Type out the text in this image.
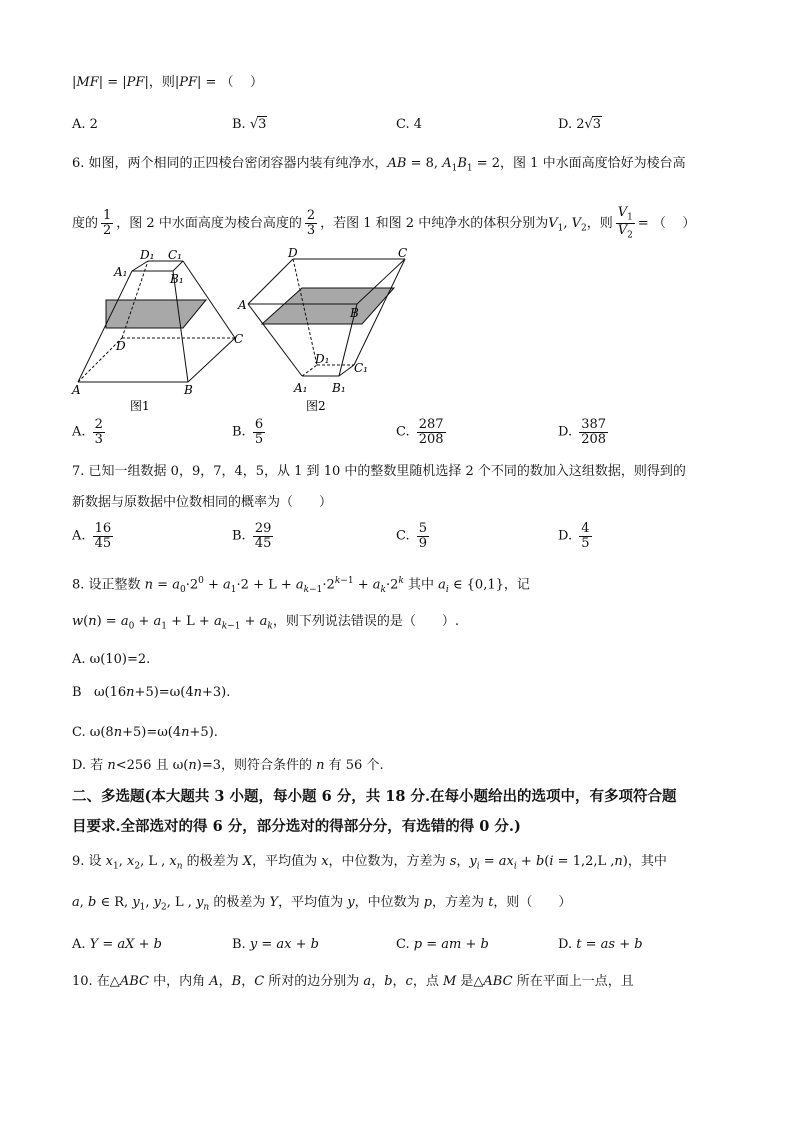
|MF| = |PF|，则|PF| = （    ）
A. 2	B. √3	C. 4	D. 2√3
6. 如图，两个相同的正四棱台密闭容器内装有纯净水，AB = 8, $A_1B_1 = 2$，图 1 中水面高度恰好为棱台高
度的 $\frac{1}{2}$ ，图 2 中水面高度为棱台高度的 $\frac{2}{3}$ ，若图 1 和图 2 中纯净水的体积分别为$V_1$, $V_2$，则 $\frac{V_1}{V_2}$ = （    ）
D₁ C₁
A₁	B₁
D	C
A	B
图1
D	C
A
B
D₁
C₁
A₁ B₁
图2
A. $\frac{2}{3}$	B. $\frac{6}{5}$	C. $\frac{287}{208}$	D. $\frac{387}{208}$
7. 已知一组数据 0，9，7，4，5，从 1 到 10 中的整数里随机选择 2 个不同的数加入这组数据，则得到的
新数据与原数据中位数相同的概率为（　　）
A. $\frac{16}{45}$	B. $\frac{29}{45}$	C. $\frac{5}{9}$	D. $\frac{4}{5}$
8. 设正整数 $n = a_0\cdot 2^0 + a_1\cdot 2 + L + a_{k-1}\cdot 2^{k-1} + a_k\cdot 2^k$ 其中 $a_i$ ∈ {0,1}，记
$w(n) = a_0 + a_1 + L + a_{k-1} + a_k$，则下列说法错误的是（　　）.
A. ω(10)=2.
B   ω(16n+5)=ω(4n+3).
C. ω(8n+5)=ω(4n+5).
D. 若 n<256 且 ω(n)=3，则符合条件的 n 有 56 个.
二、多选题(本大题共 3 小题，每小题 6 分，共 18 分.在每小题给出的选项中，有多项符合题
目要求.全部选对的得 6 分，部分选对的得部分分，有选错的得 0 分.)
9. 设 $x_1$, $x_2$, L , $x_n$ 的极差为 X，平均值为 x，中位数为，方差为 s，$y_i = ax_i + b(i = 1,2,L$ ,n)，其中
a, b ∈ R, $y_1$, $y_2$, L , $y_n$ 的极差为 Y，平均值为 y，中位数为 p，方差为 t，则（　　）
A. Y = aX + b	B. y = ax + b	C. p = am + b	D. t = as + b
10. 在△ABC 中，内角 A，B，C 所对的边分别为 a，b，c，点 M 是△ABC 所在平面上一点，且
